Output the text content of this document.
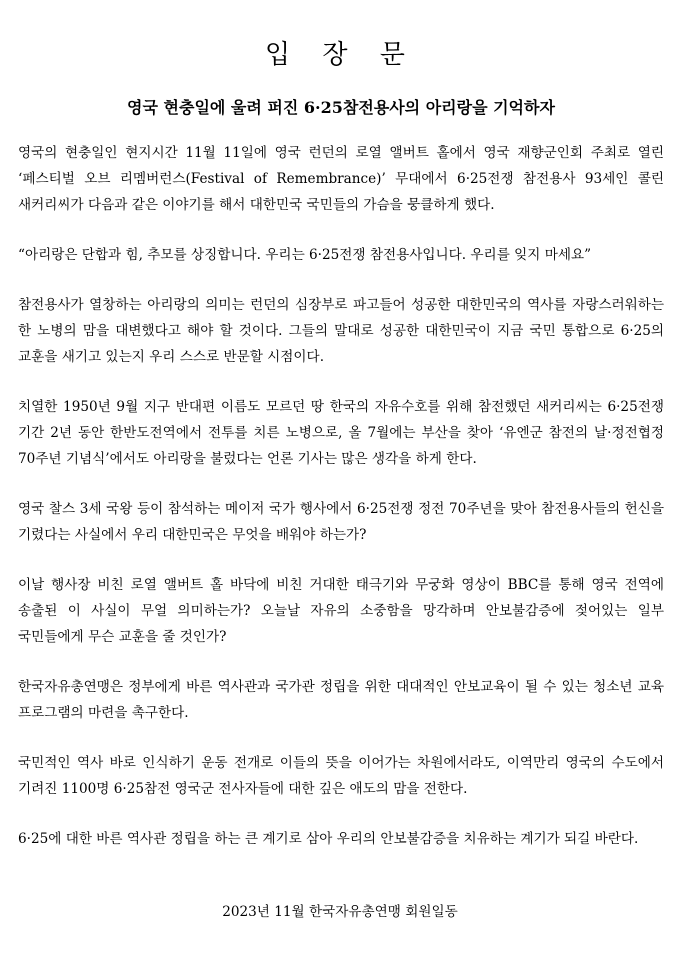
입 장 문
영국 현충일에 울려 퍼진 6·25참전용사의 아리랑을 기억하자

영국의 현충일인 현지시간 11월 11일에 영국 런던의 로열 앨버트 홀에서 영국 재향군인회 주최로 열린 ‘페스티벌 오브 리멤버런스(Festival of Remembrance)’ 무대에서 6·25전쟁 참전용사 93세인 콜린 새커리씨가 다음과 같은 이야기를 해서 대한민국 국민들의 가슴을 뭉클하게 했다.

“아리랑은 단합과 힘, 추모를 상징합니다. 우리는 6·25전쟁 참전용사입니다. 우리를 잊지 마세요”

참전용사가 열창하는 아리랑의 의미는 런던의 심장부로 파고들어 성공한 대한민국의 역사를 자랑스러워하는 한 노병의 맘을 대변했다고 해야 할 것이다. 그들의 말대로 성공한 대한민국이 지금 국민 통합으로 6·25의 교훈을 새기고 있는지 우리 스스로 반문할 시점이다.

치열한 1950년 9월 지구 반대편 이름도 모르던 땅 한국의 자유수호를 위해 참전했던 새커리씨는 6·25전쟁 기간 2년 동안 한반도전역에서 전투를 치른 노병으로, 올 7월에는 부산을 찾아 ‘유엔군 참전의 날·정전협정 70주년 기념식’에서도 아리랑을 불렀다는 언론 기사는 많은 생각을 하게 한다.

영국 찰스 3세 국왕 등이 참석하는 메이저 국가 행사에서 6·25전쟁 정전 70주년을 맞아 참전용사들의 헌신을 기렸다는 사실에서 우리 대한민국은 무엇을 배워야 하는가?

이날 행사장 비친 로열 앨버트 홀 바닥에 비친 거대한 태극기와 무궁화 영상이 BBC를 통해 영국 전역에 송출된 이 사실이 무얼 의미하는가? 오늘날 자유의 소중함을 망각하며 안보불감증에 젖어있는 일부 국민들에게 무슨 교훈을 줄 것인가?

한국자유총연맹은 정부에게 바른 역사관과 국가관 정립을 위한 대대적인 안보교육이 될 수 있는 청소년 교육 프로그램의 마련을 촉구한다.

국민적인 역사 바로 인식하기 운동 전개로 이들의 뜻을 이어가는 차원에서라도, 이역만리 영국의 수도에서 기려진 1100명 6·25참전 영국군 전사자들에 대한 깊은 애도의 맘을 전한다.

6·25에 대한 바른 역사관 정립을 하는 큰 계기로 삼아 우리의 안보불감증을 치유하는 계기가 되길 바란다.

2023년 11월 한국자유총연맹 회원일동
